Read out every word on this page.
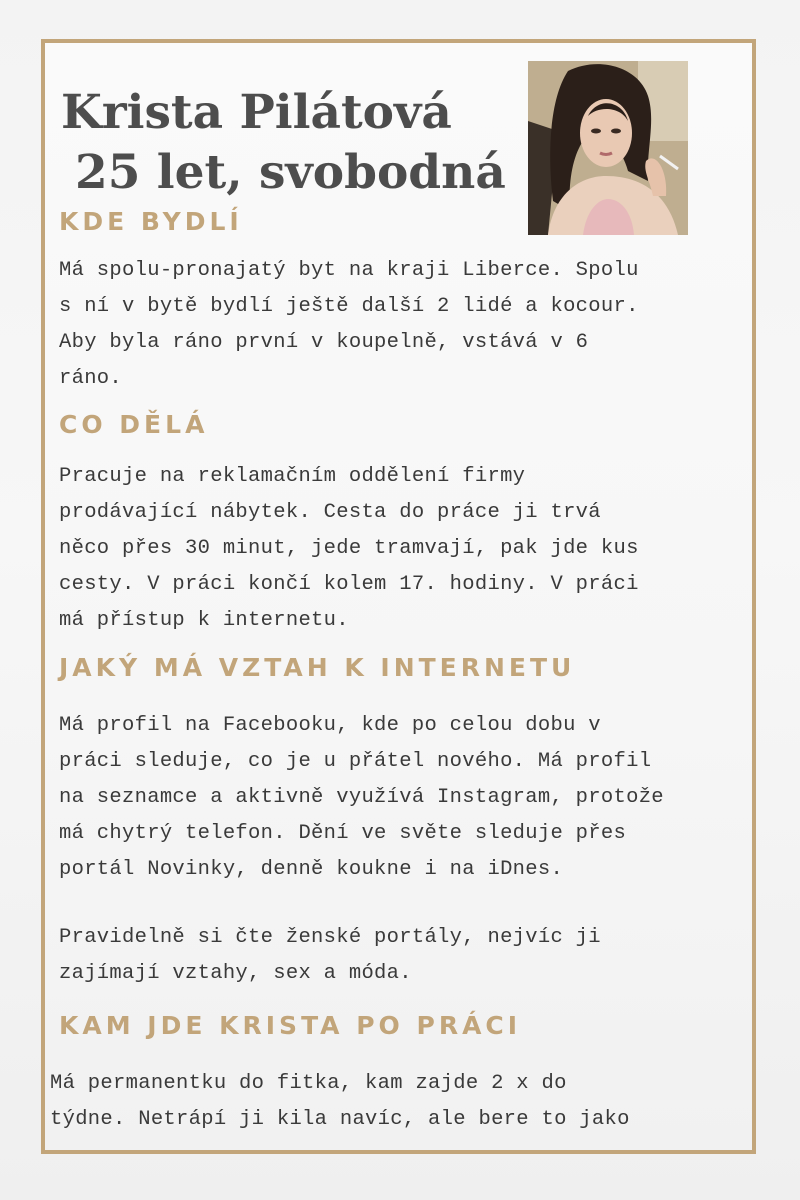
Krista Pilátová
25 let, svobodná
KDE BYDLÍ

Má spolu-pronajatý byt na kraji Liberce. Spolu
s ní v bytě bydlí ještě další 2 lidé a kocour.
Aby byla ráno první v koupelně, vstává v 6
ráno.

CO DĚLÁ

Pracuje na reklamačním oddělení firmy
prodávající nábytek. Cesta do práce ji trvá
něco přes 30 minut, jede tramvají, pak jde kus
cesty. V práci končí kolem 17. hodiny. V práci
má přístup k internetu.

JAKÝ MÁ VZTAH K INTERNETU

Má profil na Facebooku, kde po celou dobu v
práci sleduje, co je u přátel nového. Má profil
na seznamce a aktivně využívá Instagram, protože
má chytrý telefon. Dění ve světe sleduje přes
portál Novinky, denně koukne i na iDnes.

Pravidelně si čte ženské portály, nejvíc ji
zajímají vztahy, sex a móda.

KAM JDE KRISTA PO PRÁCI

Má permanentku do fitka, kam zajde 2 x do
týdne. Netrápí ji kila navíc, ale bere to jako
